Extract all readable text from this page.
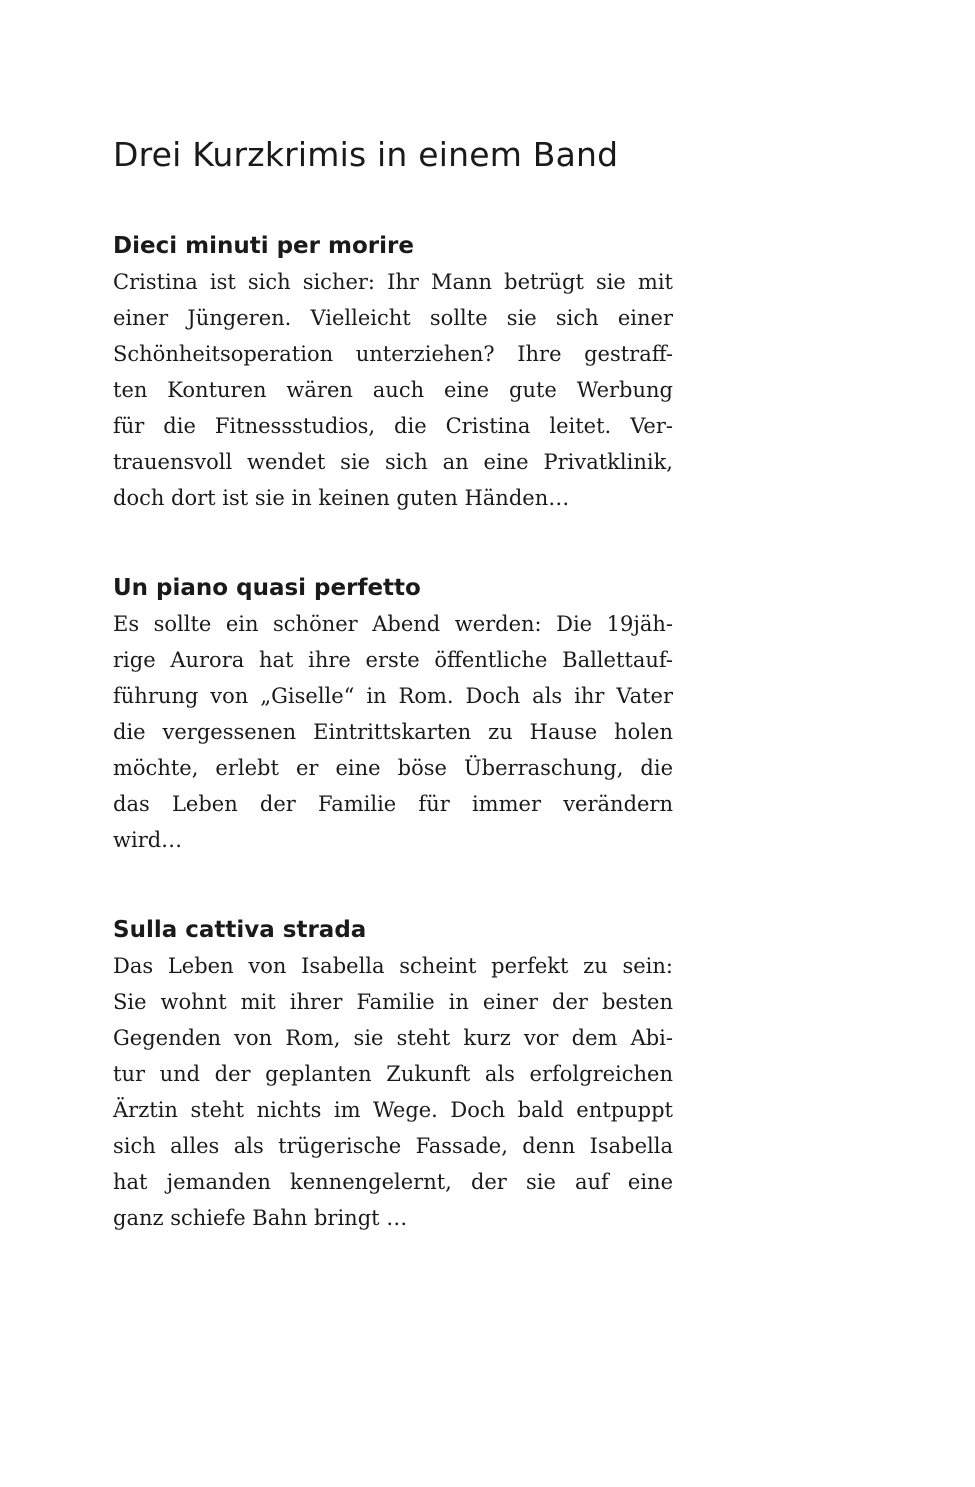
Drei Kurzkrimis in einem Band
Dieci minuti per morire

Cristina ist sich sicher: Ihr Mann betrügt sie mit
einer Jüngeren. Vielleicht sollte sie sich einer
Schönheitsoperation unterziehen? Ihre gestraff-
ten Konturen wären auch eine gute Werbung
für die Fitnessstudios, die Cristina leitet. Ver-
trauensvoll wendet sie sich an eine Privatklinik,
doch dort ist sie in keinen guten Händen…

Un piano quasi perfetto

Es sollte ein schöner Abend werden: Die 19jäh-
rige Aurora hat ihre erste öffentliche Ballettauf-
führung von „Giselle“ in Rom. Doch als ihr Vater
die vergessenen Eintrittskarten zu Hause holen
möchte, erlebt er eine böse Überraschung, die
das Leben der Familie für immer verändern
wird…

Sulla cattiva strada

Das Leben von Isabella scheint perfekt zu sein:
Sie wohnt mit ihrer Familie in einer der besten
Gegenden von Rom, sie steht kurz vor dem Abi-
tur und der geplanten Zukunft als erfolgreichen
Ärztin steht nichts im Wege. Doch bald entpuppt
sich alles als trügerische Fassade, denn Isabella
hat jemanden kennengelernt, der sie auf eine
ganz schiefe Bahn bringt …
